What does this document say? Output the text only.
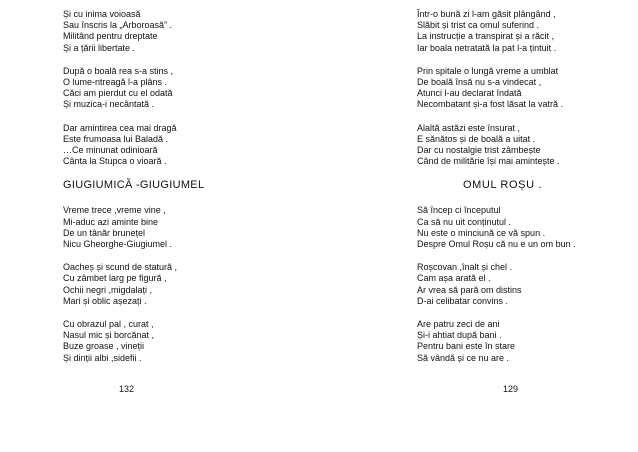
Și cu inima voioasă
Sau înscris la „Arboroasă” .
Militând pentru dreptate
Și a țării libertate .
După o boală rea s-a stins ,
O lume-ntreagă l-a plâns .
Căci am pierdut cu el odată
Și muzica-i necântată .
Dar amintirea cea mai dragă
Este frumoasa lui Baladă .
…Ce minunat odinioară
Cânta la Stupca o vioară .
GIUGIUMICĂ -GIUGIUMEL
Vreme trece ,vreme vine ,
Mi-aduc azi aminte bine
De un tânăr brunețel
Nicu Gheorghe-Giugiumel .
Oacheș și scund de statură ,
Cu zâmbet larg pe figură ,
Ochii negri ,migdalați ,
Mari și oblic așezați .
Cu obrazul pal , curat ,
Nasul mic și borcănat ,
Buze groase , vineții
Și dinții albi ,sidefii .
132
Într-o bună zi l-am găsit plângând ,
Slăbit și trist ca omul suferind .
La instrucție a transpirat și a răcit ,
Iar boala netratată la pat l-a țintuit .
Prin spitale o lungă vreme a umblat
De boală însă nu s-a vindecat ,
Atunci l-au declarat îndată
Necombatant și-a fost lăsat la vatră .
Alaltă astăzi este însurat ,
E sănătos și de boală a uitat .
Dar cu nostalgie trist zâmbește
Când de militărie își mai amintește .
OMUL ROȘU .
Să încep ci începutul
Ca să nu uit conținutul .
Nu este o minciună ce vă spun .
Despre Omul Roșu că nu e un om bun .
Roșcovan ,înalt și chel .
Cam așa arată el .
Ar vrea să pară om distins
D-ai celibatar convins .
Are patru zeci de ani
Și-i ahtiat după bani .
Pentru bani este în stare
Să vândă și ce nu are .
129
